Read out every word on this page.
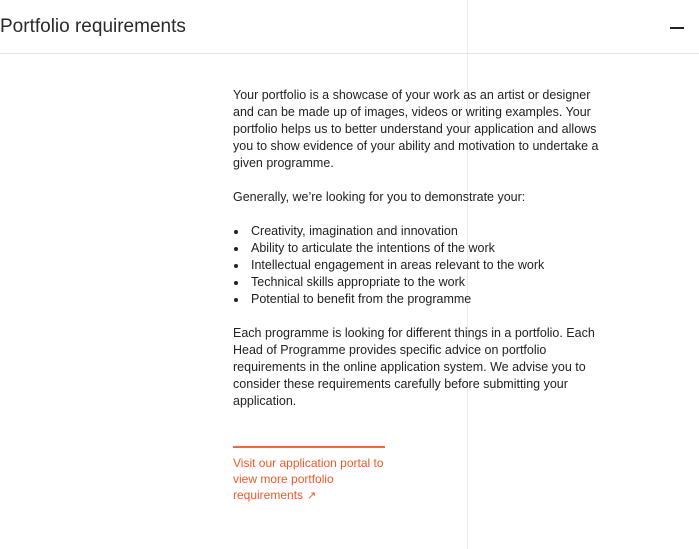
Portfolio requirements

Your portfolio is a showcase of your work as an artist or designer and can be made up of images, videos or writing examples. Your portfolio helps us to better understand your application and allows you to show evidence of your ability and motivation to undertake a given programme.

Generally, we’re looking for you to demonstrate your:

Creativity, imagination and innovation
Ability to articulate the intentions of the work
Intellectual engagement in areas relevant to the work
Technical skills appropriate to the work
Potential to benefit from the programme

Each programme is looking for different things in a portfolio. Each Head of Programme provides specific advice on portfolio requirements in the online application system. We advise you to consider these requirements carefully before submitting your application.

Visit our application portal to view more portfolio requirements ↗
